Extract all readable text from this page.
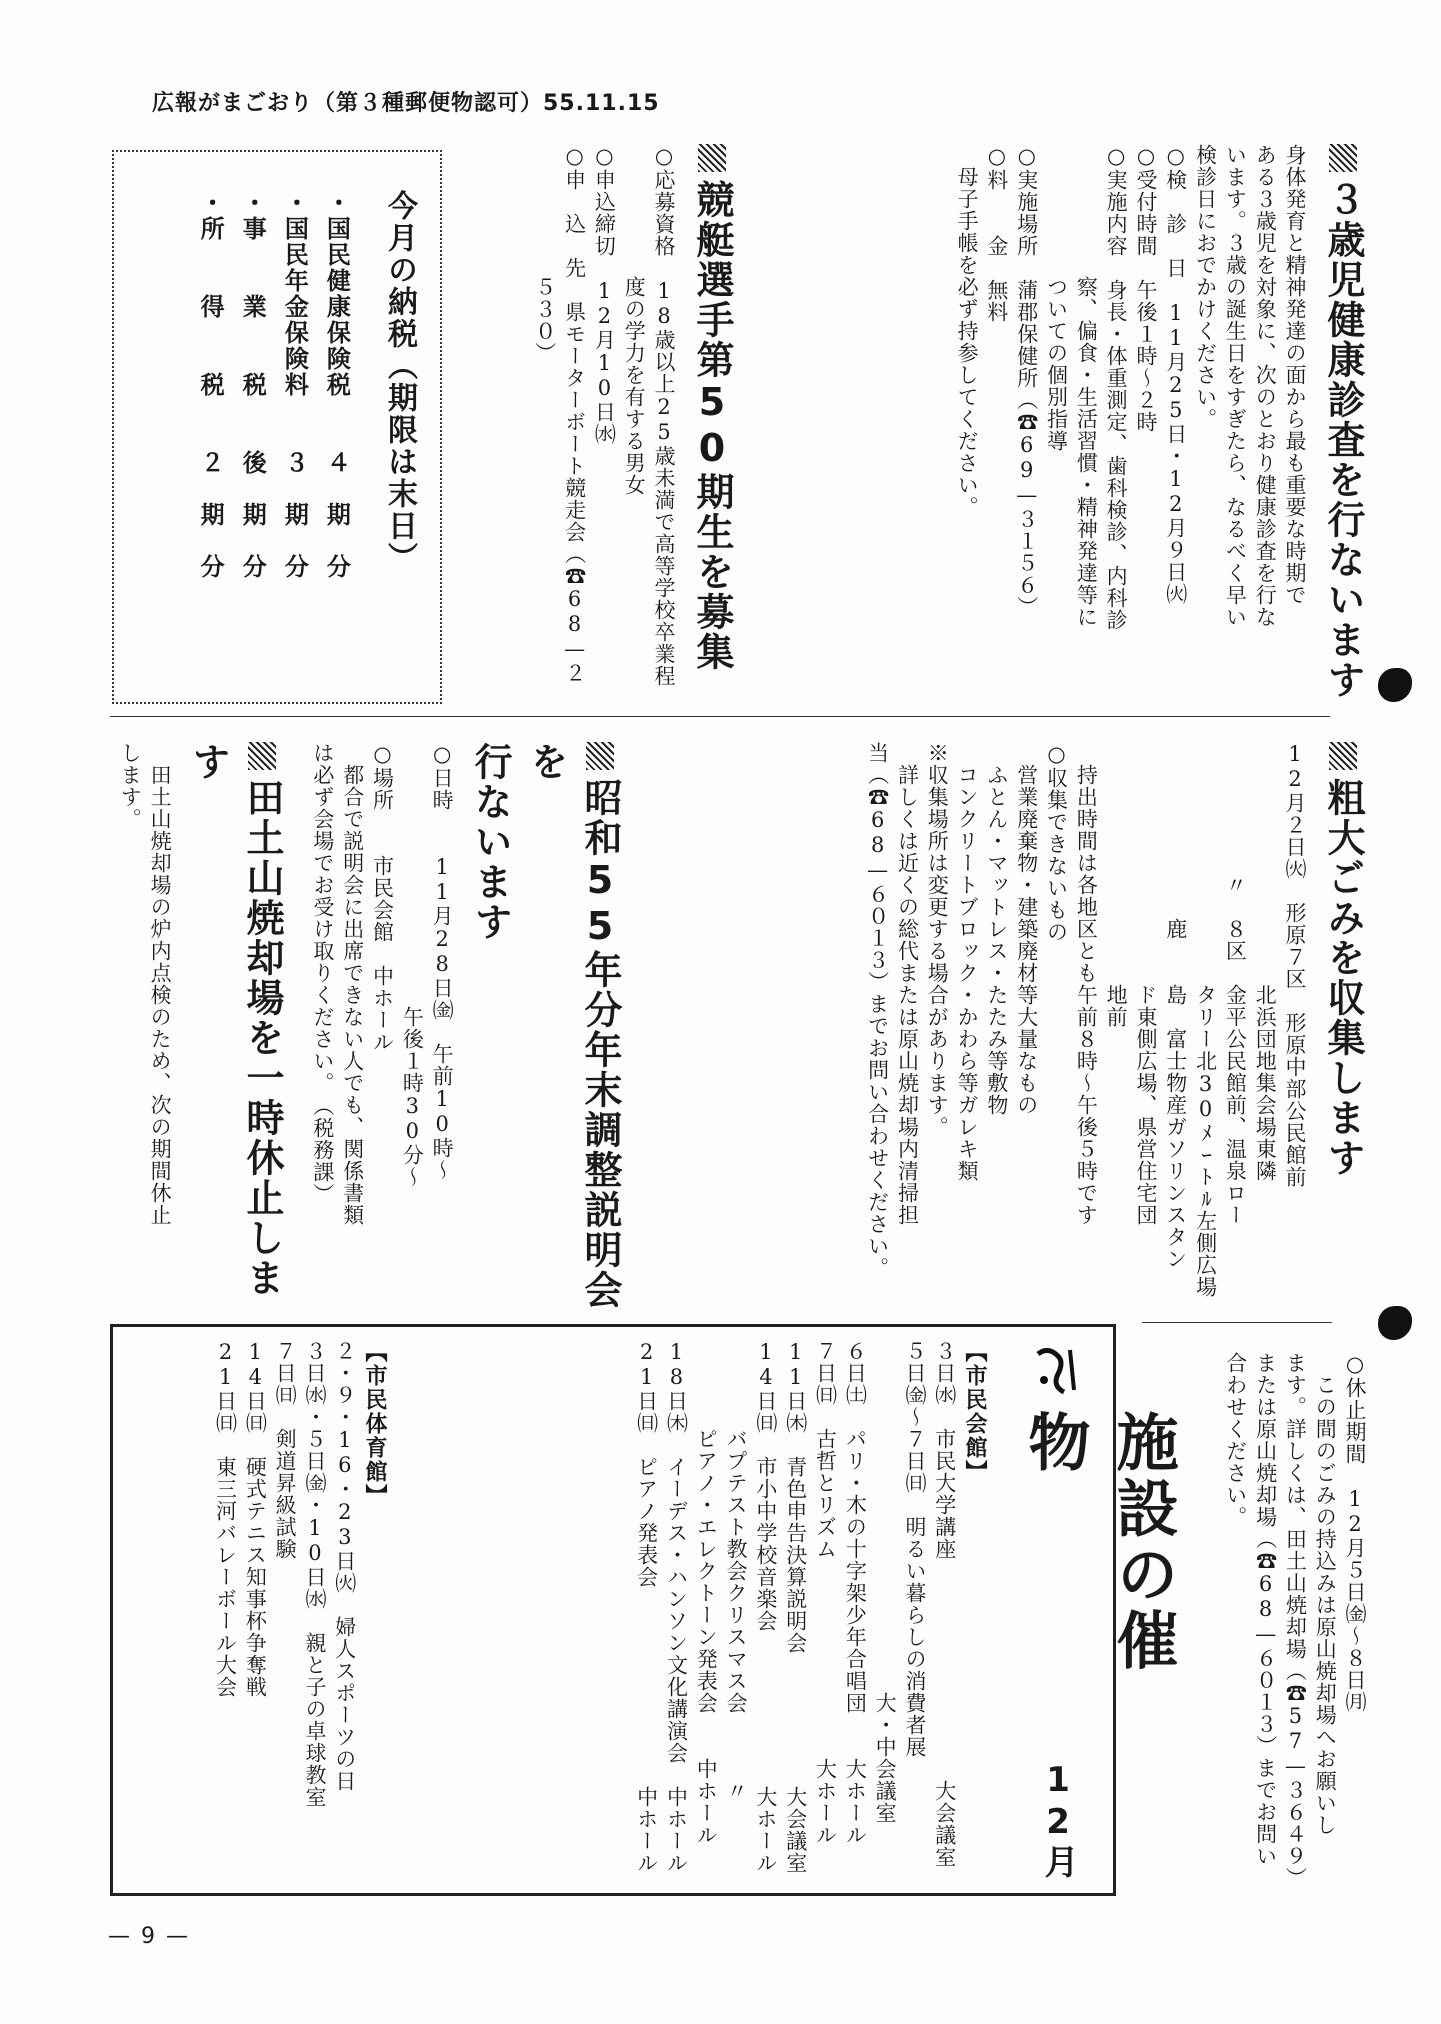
広報がまごおり（第３種郵便物認可）55.11.15
— 9 —
３歳児健康診査を行ないます
身体発育と精神発達の面から最も重要な時期で
ある３歳児を対象に、次のとおり健康診査を行な
います。３歳の誕生日をすぎたら、なるべく早い
検診日におでかけください。
○検　診　日　11月25日・12月９日㈫
○受付時間　午後１時〜２時
○実施内容　身長・体重測定、歯科検診、内科診
　　　　　　察、偏食・生活習慣・精神発達等に
　　　　　　ついての個別指導
○実施場所　蒲郡保健所（☎69—３１５６）
○料　　金　無料
　母子手帳を必ず持参してください。
競艇選手第50期生を募集
○応募資格　18歳以上25歳未満で高等学校卒業程
　　　　　　度の学力を有する男女
○申込締切　12月10日㈬
○申　込　先　県モーターボート競走会（☎68—２
　　　　　　５３０）
今月の納税（期限は末日）
・国民健康保険税　　４　期　分
・国民年金保険料　　３　期　分
・事　　業　　税　　後　期　分
・所　　得　　税　　２　期　分
粗大ごみを収集します
12月２日㈫　形原７区　形原中部公民館前
　　　　　　　　　　　北浜団地集会場東隣
　　　　　　〃　８区　金平公民館前、温泉ロー
　　　　　　　　　　　タリー北30ﾒｰﾄﾙ左側広場
　　　　　　　　鹿　　島　富士物産ガソリンスタン
　　　　　　　　　　　ド東側広場、県営住宅団
　　　　　　　　　　　地前
　持出時間は各地区とも午前８時〜午後５時です
○収集できないもの
　営業廃棄物・建築廃材等大量なもの
　ふとん・マットレス・たたみ等敷物
　コンクリートブロック・かわら等ガレキ類
※収集場所は変更する場合があります。
　詳しくは近くの総代または原山焼却場内清掃担
当（☎68—６０１３）までお問い合わせください。
昭和55年分年末調整説明会を
行ないます
○日時　　11月28日㈮　午前10時〜
　　　　　　　　　　　　午後１時30分〜
○場所　　市民会館　中ホール
　都合で説明会に出席できない人でも、関係書類
は必ず会場でお受け取りください。　（税務課）
田土山焼却場を一時休止します
　田土山焼却場の炉内点検のため、次の期間休止
します。
○休止期間　12月５日㈮〜８日㈪
　この間のごみの持込みは原山焼却場へお願いし
ます。詳しくは、田土山焼却場（☎57—３６４９）
または原山焼却場（☎68—６０１３）までお問い
合わせください。
施設の催物
12月
【市民会館】
３日㈬　市民大学講座　　　　　　　　　　大会議室
５日㈮〜７日㈰　明るい暮らしの消費者展
　　　　　　　　　　　　　　　　大・中会議室
６日㈯　パリ・木の十字架少年合唱団　　大ホール
７日㈰　古哲とリズム　　　　　　　　　大ホール
11日㈭　青色申告決算説明会　　　　　　大会議室
14日㈰　市小中学校音楽会　　　　　　　大ホール
　　　　バプテスト教会クリスマス会　　　〃
　　　　ピアノ・エレクトーン発表会　　中ホール
18日㈭　イーデス・ハンソン文化講演会　中ホール
21日㈰　ピアノ発表会　　　　　　　　　中ホール
【市民体育館】
２・９・16・23日㈫　婦人スポーツの日
３日㈬・５日㈮・10日㈬　親と子の卓球教室
７日㈰　剣道昇級試験
14日㈰　硬式テニス知事杯争奪戦
21日㈰　東三河バレーボール大会
